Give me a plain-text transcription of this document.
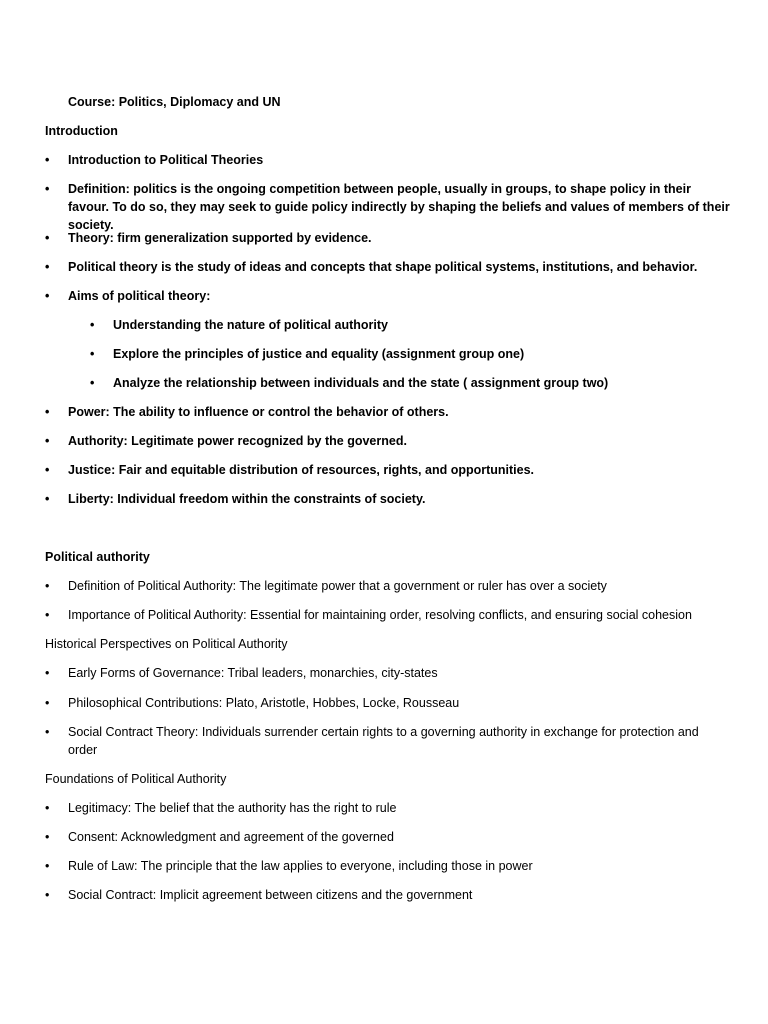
Course: Politics, Diplomacy and UN
Introduction
•	Introduction to Political Theories
•	Definition: politics is the ongoing competition between people, usually in groups, to shape policy in their favour. To do so, they may seek to guide policy indirectly by shaping the beliefs and values of members of their society.
•	Theory: firm generalization supported by evidence.
•	Political theory is the study of ideas and concepts that shape political systems, institutions, and behavior.
•	Aims of political theory:
•	Understanding the nature of political authority
•	Explore the principles of justice and equality (assignment group one)
•	Analyze the relationship between individuals and the state ( assignment group two)
•	Power: The ability to influence or control the behavior of others.
•	Authority: Legitimate power recognized by the governed.
•	Justice: Fair and equitable distribution of resources, rights, and opportunities.
•	Liberty: Individual freedom within the constraints of society.
Political authority
•	Definition of Political Authority: The legitimate power that a government or ruler has over a society
•	Importance of Political Authority: Essential for maintaining order, resolving conflicts, and ensuring social cohesion
Historical Perspectives on Political Authority
•	Early Forms of Governance: Tribal leaders, monarchies, city-states
•	Philosophical Contributions: Plato, Aristotle, Hobbes, Locke, Rousseau
•	Social Contract Theory: Individuals surrender certain rights to a governing authority in exchange for protection and order
Foundations of Political Authority
•	Legitimacy: The belief that the authority has the right to rule
•	Consent: Acknowledgment and agreement of the governed
•	Rule of Law: The principle that the law applies to everyone, including those in power
•	Social Contract: Implicit agreement between citizens and the government
